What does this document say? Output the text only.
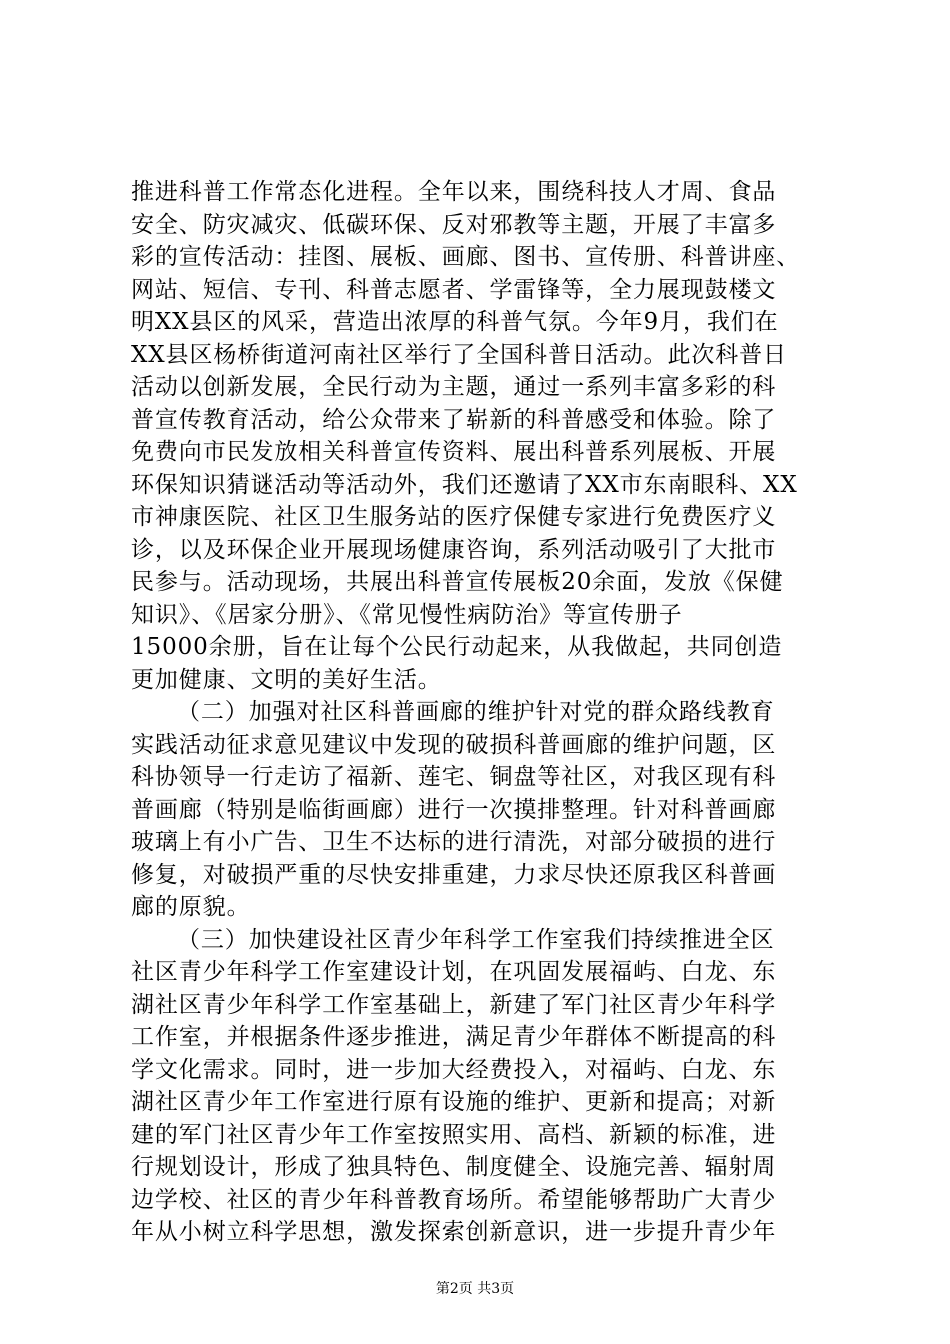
推进科普工作常态化进程。全年以来，围绕科技人才周、食品
安全、防灾减灾、低碳环保、反对邪教等主题，开展了丰富多
彩的宣传活动：挂图、展板、画廊、图书、宣传册、科普讲座、
网站、短信、专刊、科普志愿者、学雷锋等，全力展现鼓楼文
明XX县区的风采，营造出浓厚的科普气氛。今年9月，我们在
XX县区杨桥街道河南社区举行了全国科普日活动。此次科普日
活动以创新发展，全民行动为主题，通过一系列丰富多彩的科
普宣传教育活动，给公众带来了崭新的科普感受和体验。除了
免费向市民发放相关科普宣传资料、展出科普系列展板、开展
环保知识猜谜活动等活动外，我们还邀请了XX市东南眼科、XX
市神康医院、社区卫生服务站的医疗保健专家进行免费医疗义
诊，以及环保企业开展现场健康咨询，系列活动吸引了大批市
民参与。活动现场，共展出科普宣传展板20余面，发放《保健
知识》、《居家分册》、《常见慢性病防治》等宣传册子
15000余册，旨在让每个公民行动起来，从我做起，共同创造
更加健康、文明的美好生活。
（二）加强对社区科普画廊的维护针对党的群众路线教育
实践活动征求意见建议中发现的破损科普画廊的维护问题，区
科协领导一行走访了福新、莲宅、铜盘等社区，对我区现有科
普画廊（特别是临街画廊）进行一次摸排整理。针对科普画廊
玻璃上有小广告、卫生不达标的进行清洗，对部分破损的进行
修复，对破损严重的尽快安排重建，力求尽快还原我区科普画
廊的原貌。
（三）加快建设社区青少年科学工作室我们持续推进全区
社区青少年科学工作室建设计划，在巩固发展福屿、白龙、东
湖社区青少年科学工作室基础上，新建了军门社区青少年科学
工作室，并根据条件逐步推进，满足青少年群体不断提高的科
学文化需求。同时，进一步加大经费投入，对福屿、白龙、东
湖社区青少年工作室进行原有设施的维护、更新和提高；对新
建的军门社区青少年工作室按照实用、高档、新颖的标准，进
行规划设计，形成了独具特色、制度健全、设施完善、辐射周
边学校、社区的青少年科普教育场所。希望能够帮助广大青少
年从小树立科学思想，激发探索创新意识，进一步提升青少年
第2页 共3页
